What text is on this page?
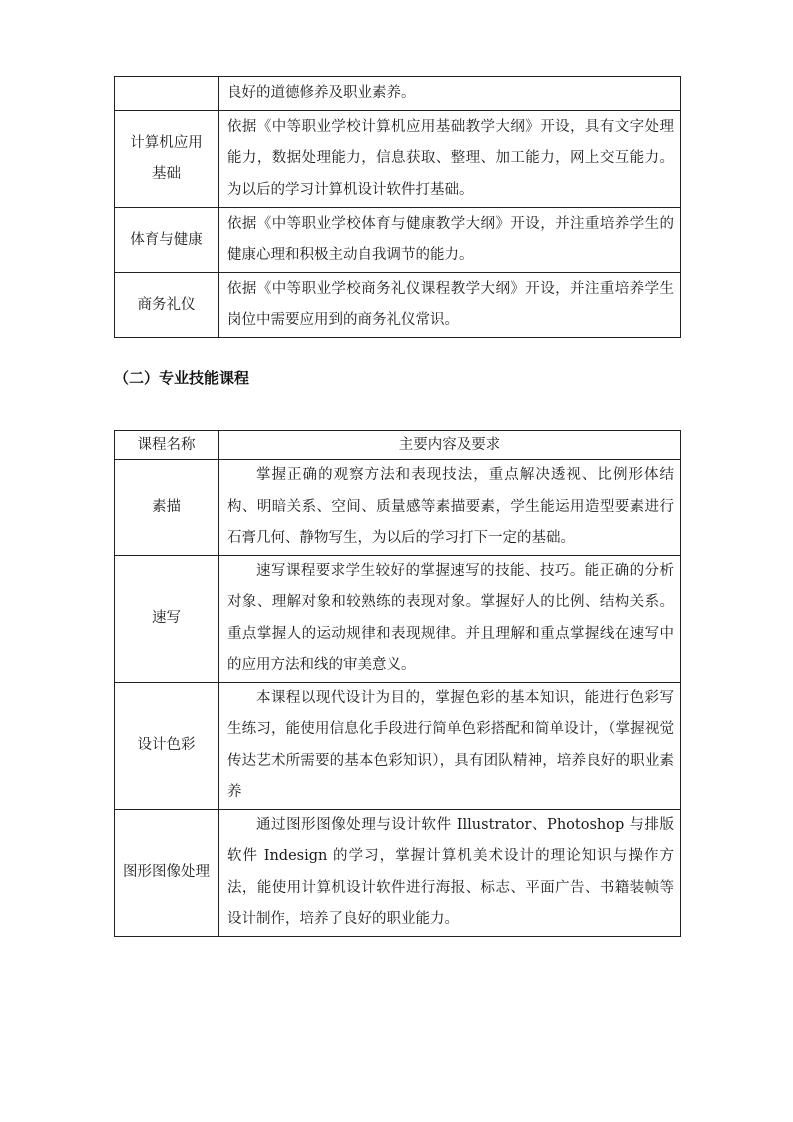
	良好的道德修养及职业素养。
计算机应用基础	依据《中等职业学校计算机应用基础教学大纲》开设，具有文字处理能力，数据处理能力，信息获取、整理、加工能力，网上交互能力。为以后的学习计算机设计软件打基础。
体育与健康	依据《中等职业学校体育与健康教学大纲》开设，并注重培养学生的健康心理和积极主动自我调节的能力。
商务礼仪	依据《中等职业学校商务礼仪课程教学大纲》开设，并注重培养学生岗位中需要应用到的商务礼仪常识。
（二）专业技能课程
课程名称	主要内容及要求
素描	掌握正确的观察方法和表现技法，重点解决透视、比例形体结构、明暗关系、空间、质量感等素描要素，学生能运用造型要素进行石膏几何、静物写生，为以后的学习打下一定的基础。
速写	速写课程要求学生较好的掌握速写的技能、技巧。能正确的分析对象、理解对象和较熟练的表现对象。掌握好人的比例、结构关系。重点掌握人的运动规律和表现规律。并且理解和重点掌握线在速写中的应用方法和线的审美意义。
设计色彩	本课程以现代设计为目的，掌握色彩的基本知识，能进行色彩写生练习，能使用信息化手段进行简单色彩搭配和简单设计，（掌握视觉传达艺术所需要的基本色彩知识），具有团队精神，培养良好的职业素养
图形图像处理	通过图形图像处理与设计软件 Illustrator、Photoshop 与排版软件 Indesign 的学习，掌握计算机美术设计的理论知识与操作方法，能使用计算机设计软件进行海报、标志、平面广告、书籍装帧等设计制作，培养了良好的职业能力。
